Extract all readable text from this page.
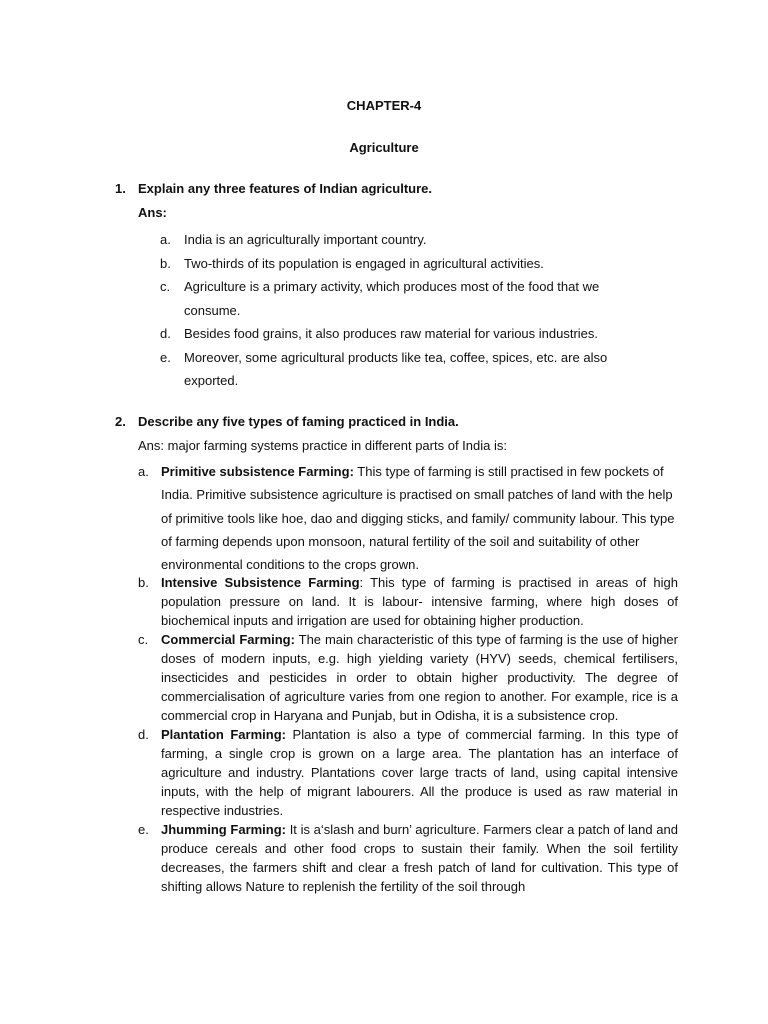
CHAPTER-4
Agriculture
1. Explain any three features of Indian agriculture.
Ans:
a. India is an agriculturally important country.
b. Two-thirds of its population is engaged in agricultural activities.
c. Agriculture is a primary activity, which produces most of the food that we consume.
d. Besides food grains, it also produces raw material for various industries.
e. Moreover, some agricultural products like tea, coffee, spices, etc. are also exported.
2. Describe any five types of faming practiced in India.
Ans: major farming systems practice in different parts of India is:
a. Primitive subsistence Farming: This type of farming is still practised in few pockets of India. Primitive subsistence agriculture is practised on small patches of land with the help of primitive tools like hoe, dao and digging sticks, and family/ community labour. This type of farming depends upon monsoon, natural fertility of the soil and suitability of other environmental conditions to the crops grown.
b. Intensive Subsistence Farming: This type of farming is practised in areas of high population pressure on land. It is labour- intensive farming, where high doses of biochemical inputs and irrigation are used for obtaining higher production.
c. Commercial Farming: The main characteristic of this type of farming is the use of higher doses of modern inputs, e.g. high yielding variety (HYV) seeds, chemical fertilisers, insecticides and pesticides in order to obtain higher productivity. The degree of commercialisation of agriculture varies from one region to another. For example, rice is a commercial crop in Haryana and Punjab, but in Odisha, it is a subsistence crop.
d. Plantation Farming: Plantation is also a type of commercial farming. In this type of farming, a single crop is grown on a large area. The plantation has an interface of agriculture and industry. Plantations cover large tracts of land, using capital intensive inputs, with the help of migrant labourers. All the produce is used as raw material in respective industries.
e. Jhumming Farming: It is a‘slash and burn’ agriculture. Farmers clear a patch of land and produce cereals and other food crops to sustain their family. When the soil fertility decreases, the farmers shift and clear a fresh patch of land for cultivation. This type of shifting allows Nature to replenish the fertility of the soil through
